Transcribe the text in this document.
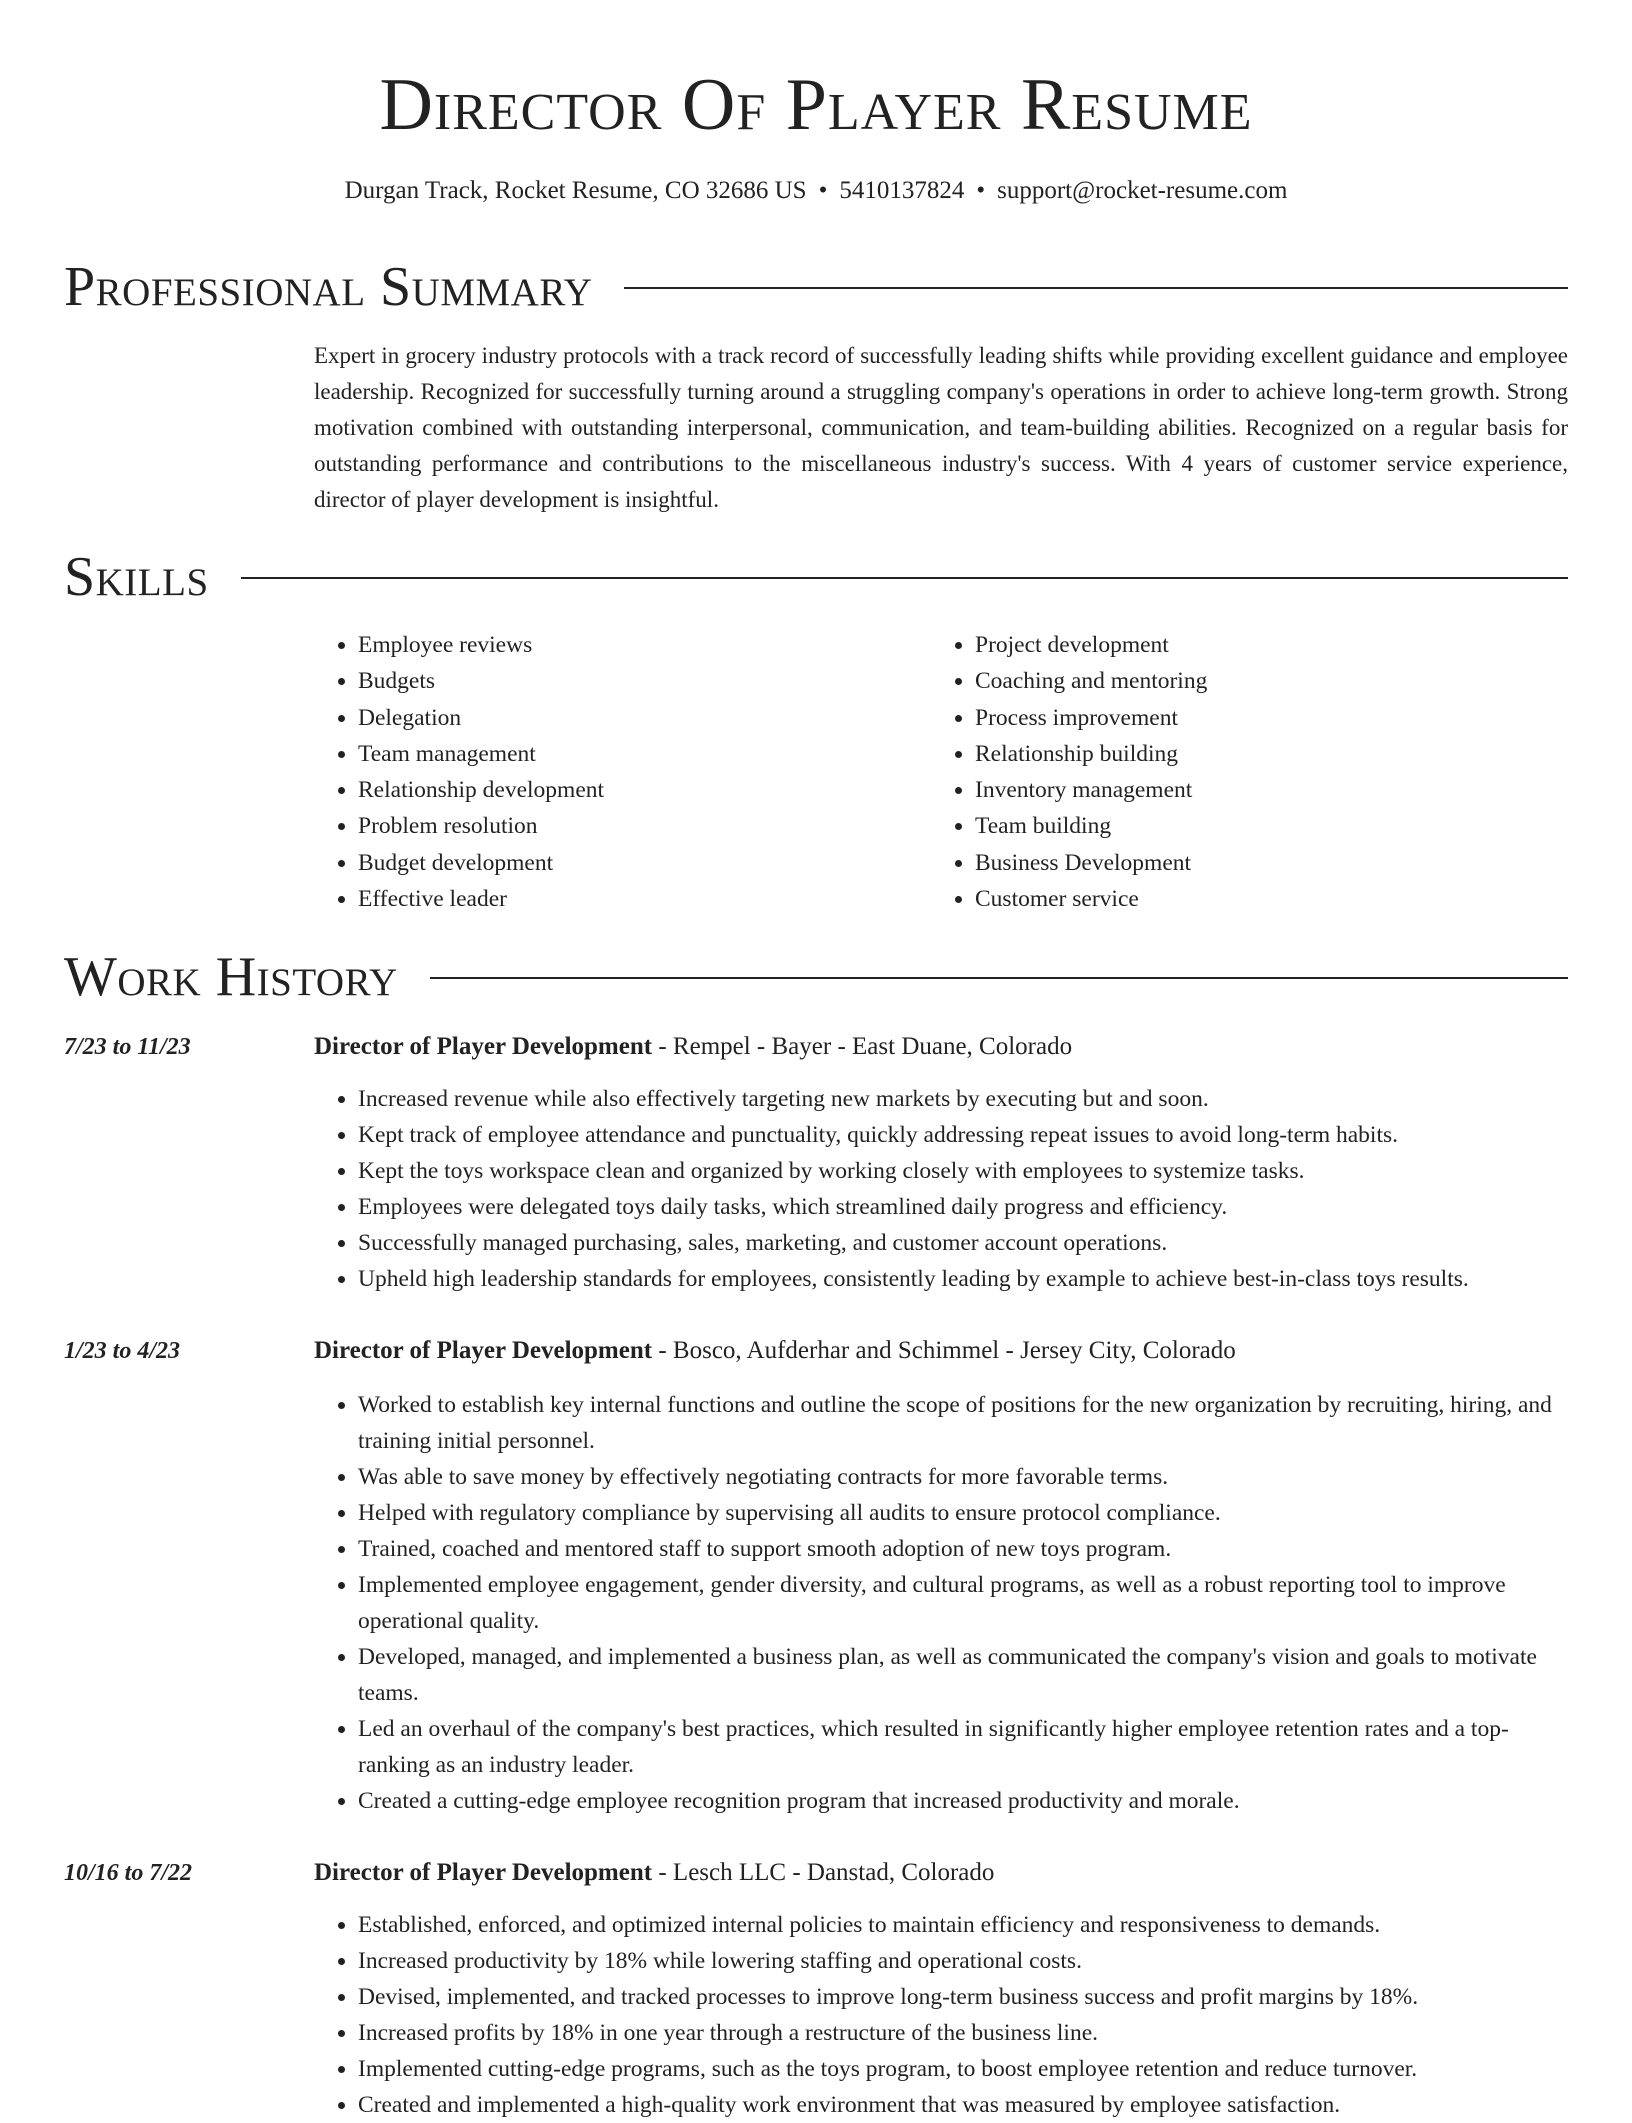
Director Of Player Resume
Durgan Track, Rocket Resume, CO 32686 US • 5410137824 • support@rocket-resume.com
Professional Summary

Expert in grocery industry protocols with a track record of successfully leading shifts while providing excellent guidance and employee leadership. Recognized for successfully turning around a struggling company's operations in order to achieve long-term growth. Strong motivation combined with outstanding interpersonal, communication, and team-building abilities. Recognized on a regular basis for outstanding performance and contributions to the miscellaneous industry's success. With 4 years of customer service experience, director of player development is insightful.

Skills
• Employee reviews
• Budgets
• Delegation
• Team management
• Relationship development
• Problem resolution
• Budget development
• Effective leader
• Project development
• Coaching and mentoring
• Process improvement
• Relationship building
• Inventory management
• Team building
• Business Development
• Customer service
Work History
7/23 to 11/23	Director of Player Development - Rempel - Bayer - East Duane, Colorado
• Increased revenue while also effectively targeting new markets by executing but and soon.
• Kept track of employee attendance and punctuality, quickly addressing repeat issues to avoid long-term habits.
• Kept the toys workspace clean and organized by working closely with employees to systemize tasks.
• Employees were delegated toys daily tasks, which streamlined daily progress and efficiency.
• Successfully managed purchasing, sales, marketing, and customer account operations.
• Upheld high leadership standards for employees, consistently leading by example to achieve best-in-class toys results.
1/23 to 4/23	Director of Player Development - Bosco, Aufderhar and Schimmel - Jersey City, Colorado
• Worked to establish key internal functions and outline the scope of positions for the new organization by recruiting, hiring, and training initial personnel.
• Was able to save money by effectively negotiating contracts for more favorable terms.
• Helped with regulatory compliance by supervising all audits to ensure protocol compliance.
• Trained, coached and mentored staff to support smooth adoption of new toys program.
• Implemented employee engagement, gender diversity, and cultural programs, as well as a robust reporting tool to improve operational quality.
• Developed, managed, and implemented a business plan, as well as communicated the company's vision and goals to motivate teams.
• Led an overhaul of the company's best practices, which resulted in significantly higher employee retention rates and a top-ranking as an industry leader.
• Created a cutting-edge employee recognition program that increased productivity and morale.
10/16 to 7/22	Director of Player Development - Lesch LLC - Danstad, Colorado
• Established, enforced, and optimized internal policies to maintain efficiency and responsiveness to demands.
• Increased productivity by 18% while lowering staffing and operational costs.
• Devised, implemented, and tracked processes to improve long-term business success and profit margins by 18%.
• Increased profits by 18% in one year through a restructure of the business line.
• Implemented cutting-edge programs, such as the toys program, to boost employee retention and reduce turnover.
• Created and implemented a high-quality work environment that was measured by employee satisfaction.
